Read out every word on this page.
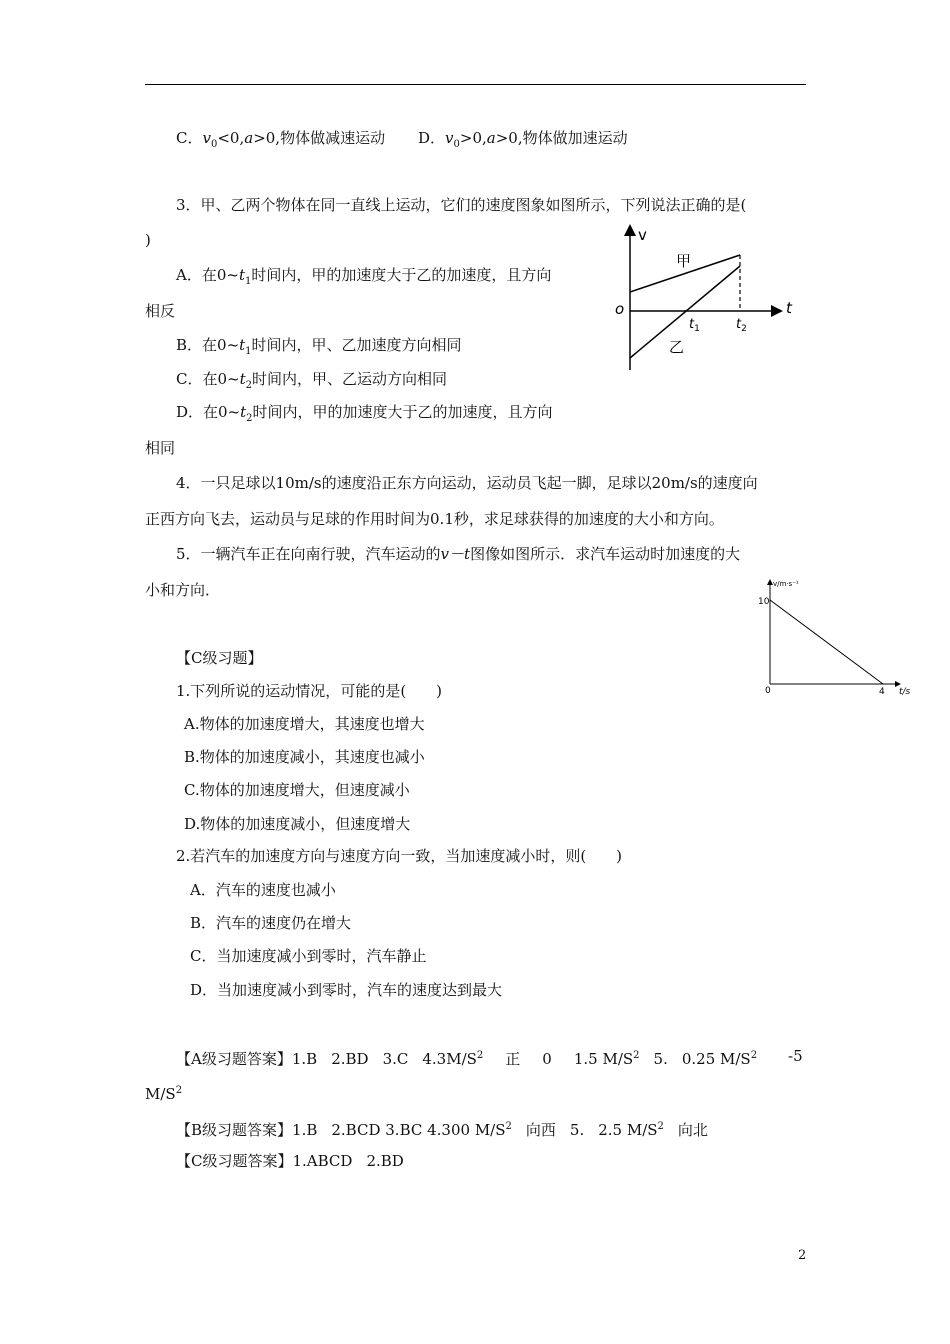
C．$v_0<0,a>0$,物体做减速运动 D．$v_0>0,a>0$,物体做加速运动
3．甲、乙两个物体在同一直线上运动，它们的速度图象如图所示，下列说法正确的是(
)
A．在$0\sim t_1$时间内，甲的加速度大于乙的加速度，且方向
相反
B．在$0\sim t_1$时间内，甲、乙加速度方向相同
C．在$0\sim t_2$时间内，甲、乙运动方向相同
D．在$0\sim t_2$时间内，甲的加速度大于乙的加速度，且方向
相同
v
t
o
甲
乙
$t_1$	$t_2$
4．一只足球以10m/s的速度沿正东方向运动，运动员飞起一脚，足球以20m/s的速度向
正西方向飞去，运动员与足球的作用时间为0.1秒，求足球获得的加速度的大小和方向。
5．一辆汽车正在向南行驶，汽车运动的v－t图像如图所示．求汽车运动时加速度的大
小和方向．	v/m·s⁻¹
10
0	4 t/s
【C级习题】
1.下列所说的运动情况，可能的是(　　)
A.物体的加速度增大，其速度也增大
B.物体的加速度减小，其速度也减小
C.物体的加速度增大，但速度减小
D.物体的加速度减小，但速度增大
2.若汽车的加速度方向与速度方向一致，当加速度减小时，则(　　)
A．汽车的速度也减小
B．汽车的速度仍在增大
C．当加速度减小到零时，汽车静止
D．当加速度减小到零时，汽车的速度达到最大
【A级习题答案】1.B 2.BD 3.C $4.3M/S^2$ 正 0 1.5 $M/S^2$ 5. 0.25 $M/S^2$ -5
$M/S^2$
【B级习题答案】1.B 2.BCD 3.BC 4.300 $M/S^2$ 向西 5. 2.5 $M/S^2$ 向北
【C级习题答案】1.ABCD 2.BD
2
